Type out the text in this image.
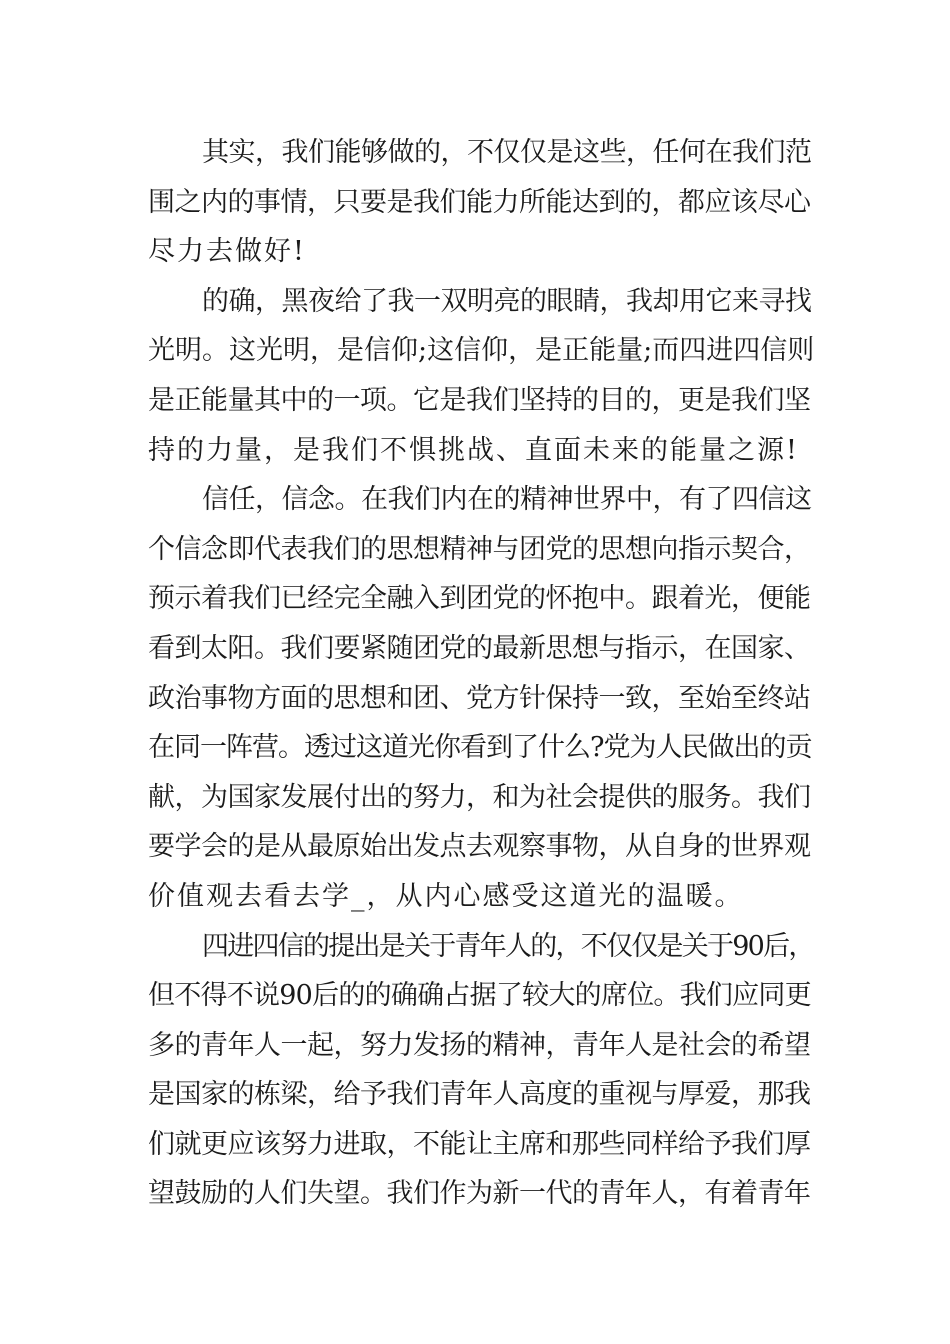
其实，我们能够做的，不仅仅是这些，任何在我们范
围之内的事情，只要是我们能力所能达到的，都应该尽心
尽力去做好!
的确，黑夜给了我一双明亮的眼睛，我却用它来寻找
光明。这光明，是信仰;这信仰，是正能量;而四进四信则
是正能量其中的一项。它是我们坚持的目的，更是我们坚
持的力量，是我们不惧挑战、直面未来的能量之源!
信任，信念。在我们内在的精神世界中，有了四信这
个信念即代表我们的思想精神与团党的思想向指示契合，
预示着我们已经完全融入到团党的怀抱中。跟着光，便能
看到太阳。我们要紧随团党的最新思想与指示，在国家、
政治事物方面的思想和团、党方针保持一致，至始至终站
在同一阵营。透过这道光你看到了什么?党为人民做出的贡
献，为国家发展付出的努力，和为社会提供的服务。我们
要学会的是从最原始出发点去观察事物，从自身的世界观
价值观去看去学_，从内心感受这道光的温暖。
四进四信的提出是关于青年人的，不仅仅是关于90后，
但不得不说90后的的确确占据了较大的席位。我们应同更
多的青年人一起，努力发扬的精神，青年人是社会的希望
是国家的栋梁，给予我们青年人高度的重视与厚爱，那我
们就更应该努力进取，不能让主席和那些同样给予我们厚
望鼓励的人们失望。我们作为新一代的青年人，有着青年
